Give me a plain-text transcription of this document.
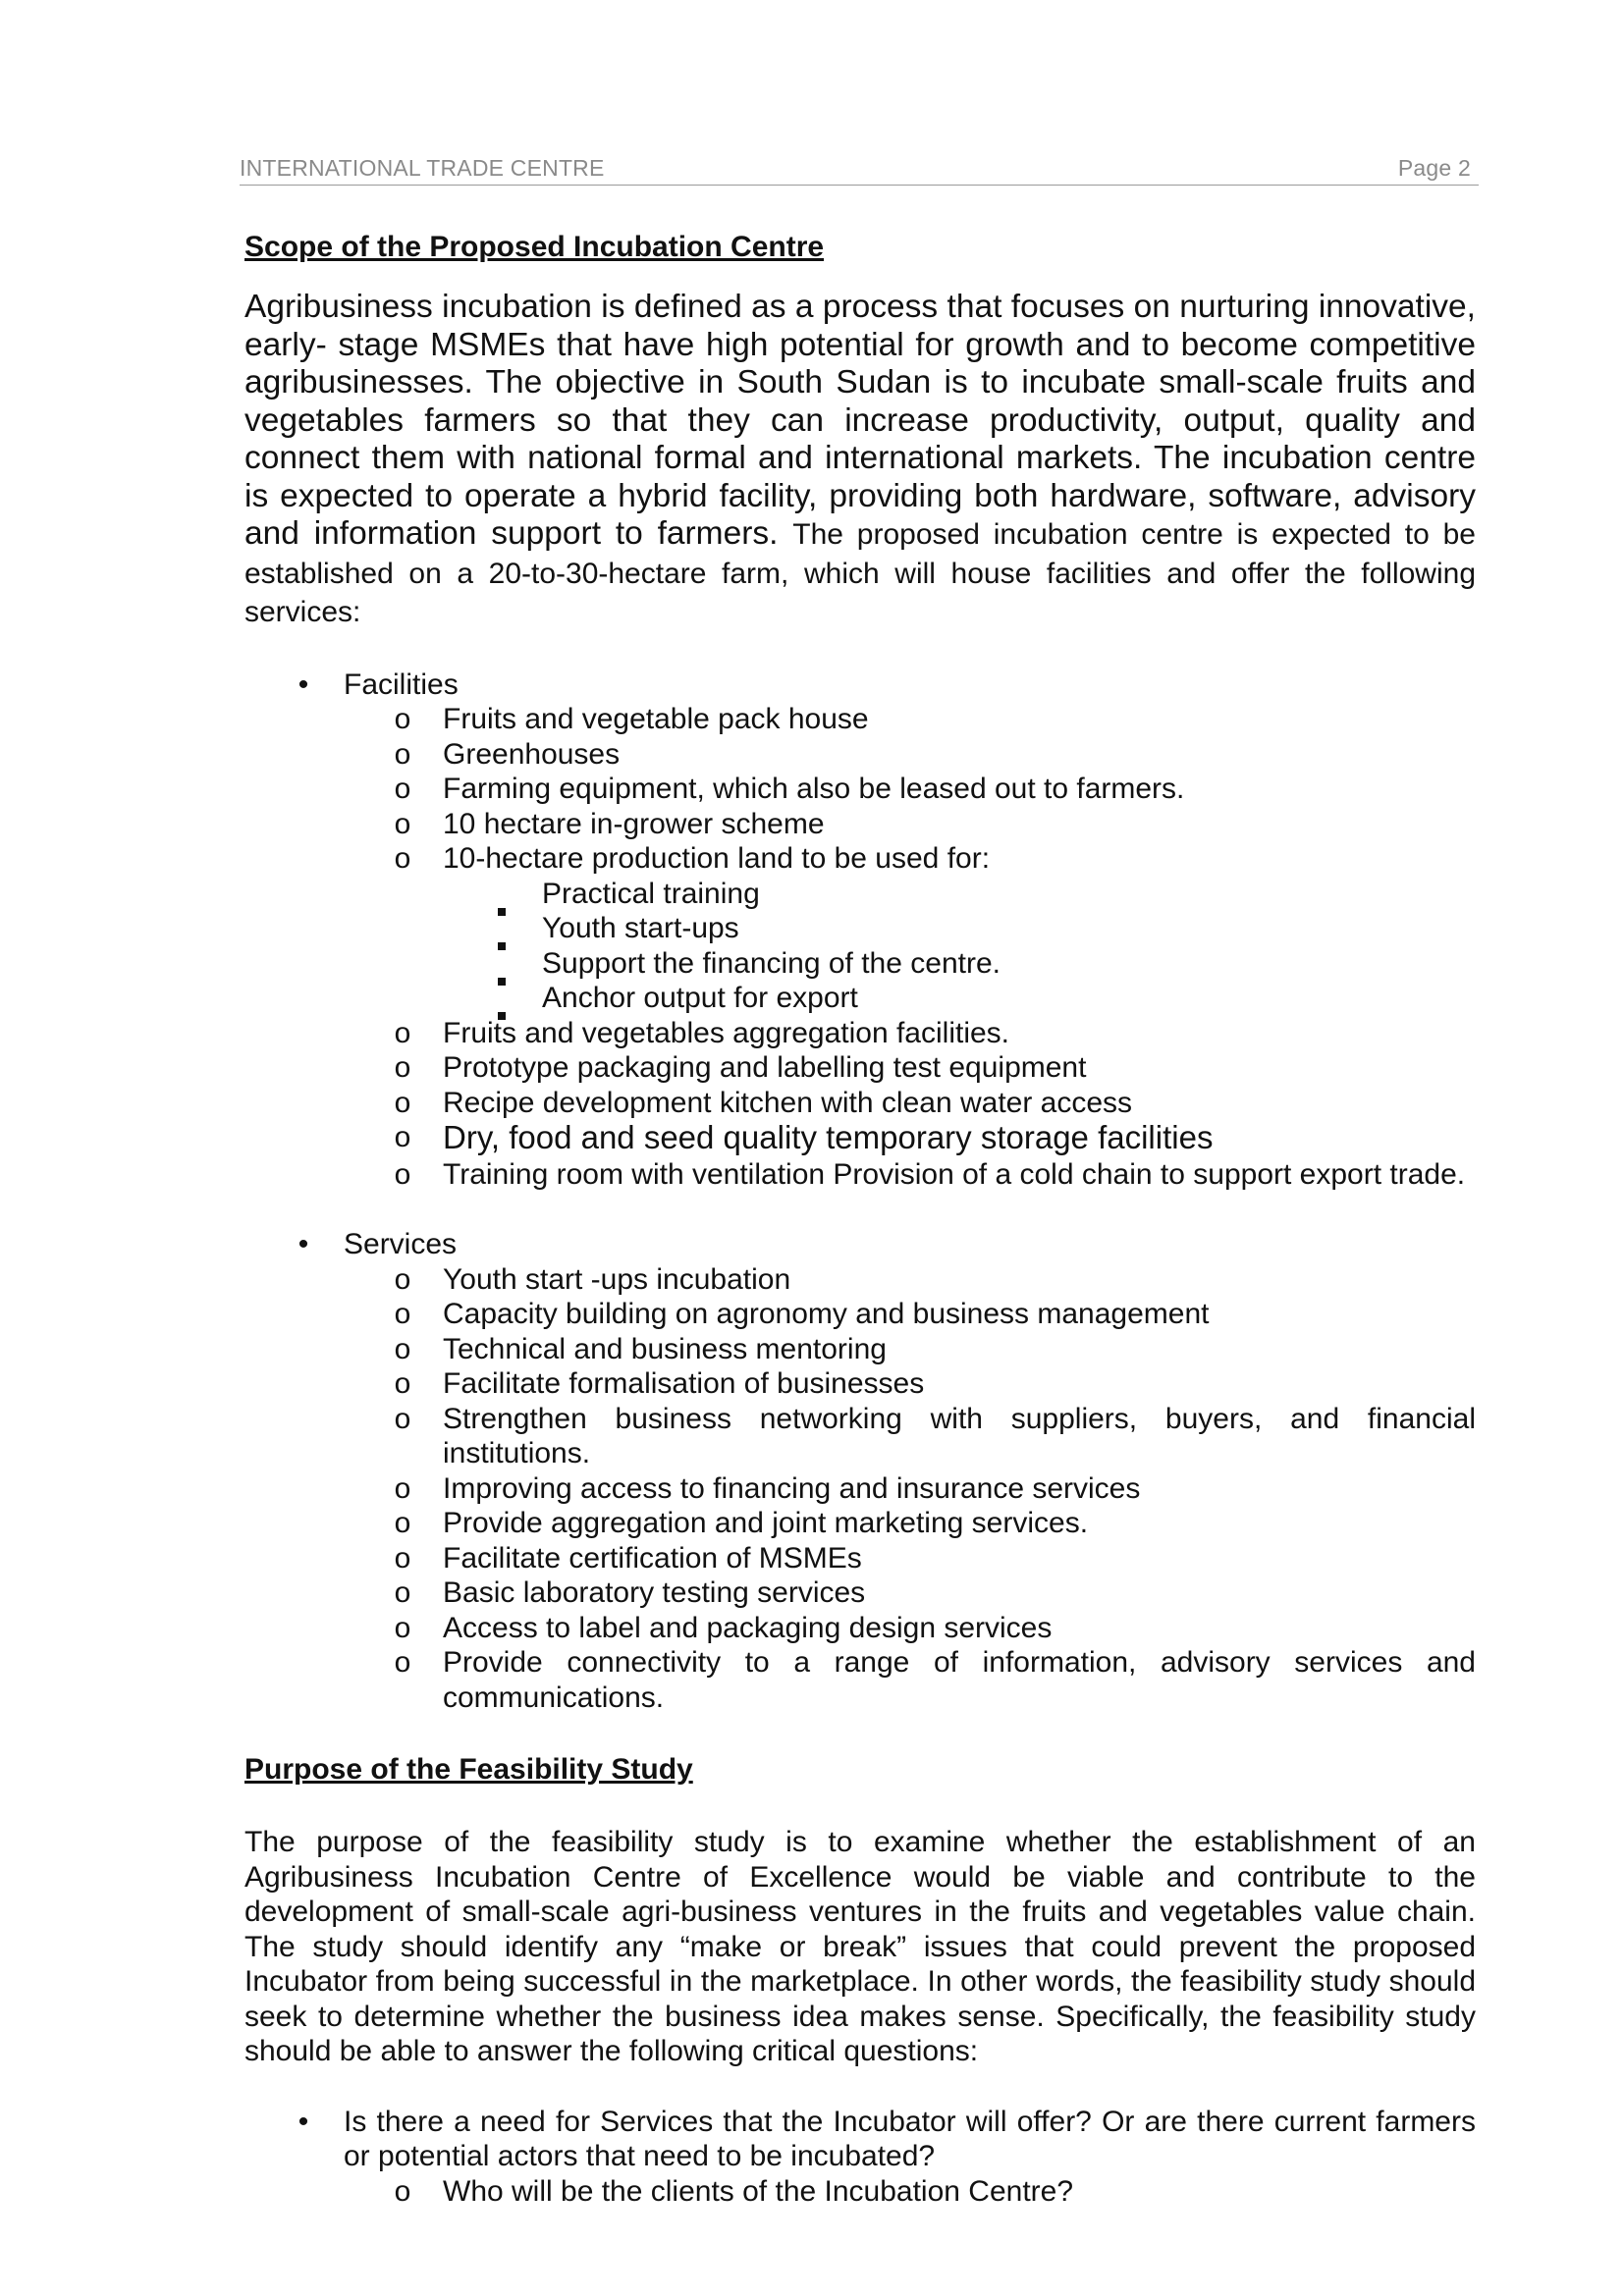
INTERNATIONAL TRADE CENTRE	Page 2

Scope of the Proposed Incubation Centre

Agribusiness incubation is defined as a process that focuses on nurturing innovative, early- stage MSMEs that have high potential for growth and to become competitive agribusinesses. The objective in South Sudan is to incubate small-scale fruits and vegetables farmers so that they can increase productivity, output, quality and connect them with national formal and international markets. The incubation centre is expected to operate a hybrid facility, providing both hardware, software, advisory and information support to farmers. The proposed incubation centre is expected to be established on a 20-to-30-hectare farm, which will house facilities and offer the following services:

•
Facilities
o
Fruits and vegetable pack house
o
Greenhouses
o
Farming equipment, which also be leased out to farmers.
o
10 hectare in-grower scheme
o
10-hectare production land to be used for:
Practical training
Youth start-ups
Support the financing of the centre.
Anchor output for export
o
Fruits and vegetables aggregation facilities.
o
Prototype packaging and labelling test equipment
o
Recipe development kitchen with clean water access
o
Dry, food and seed quality temporary storage facilities
o
Training room with ventilation Provision of a cold chain to support export trade.
•
Services
o
Youth start -ups incubation
o
Capacity building on agronomy and business management
o
Technical and business mentoring
o
Facilitate formalisation of businesses
o
Strengthen business networking with suppliers, buyers, and financial institutions.
o
Improving access to financing and insurance services
o
Provide aggregation and joint marketing services.
o
Facilitate certification of MSMEs
o
Basic laboratory testing services
o
Access to label and packaging design services
o
Provide connectivity to a range of information, advisory services and communications.

Purpose of the Feasibility Study

The purpose of the feasibility study is to examine whether the establishment of an Agribusiness Incubation Centre of Excellence would be viable and contribute to the development of small-scale agri-business ventures in the fruits and vegetables value chain. The study should identify any “make or break” issues that could prevent the proposed Incubator from being successful in the marketplace. In other words, the feasibility study should seek to determine whether the business idea makes sense. Specifically, the feasibility study should be able to answer the following critical questions:

•
Is there a need for Services that the Incubator will offer? Or are there current farmers or potential actors that need to be incubated?
o
Who will be the clients of the Incubation Centre?
